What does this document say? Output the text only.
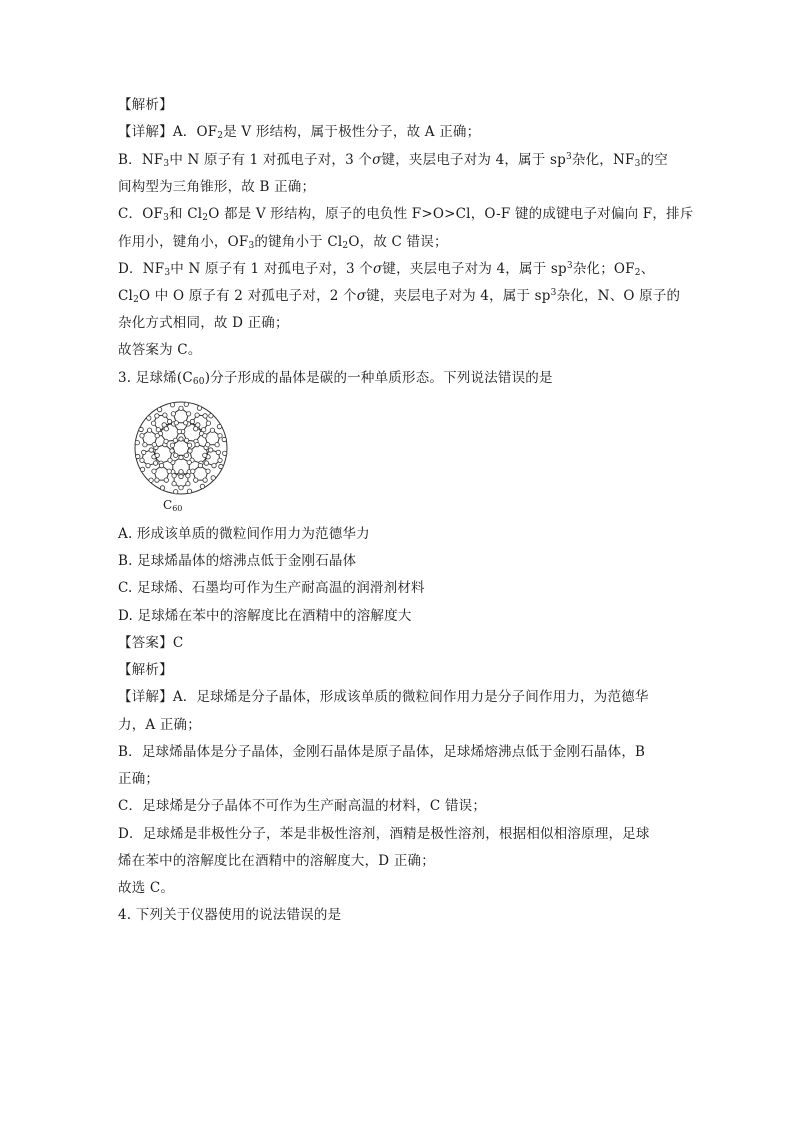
【解析】
【详解】A．$OF_2$是 V 形结构，属于极性分子，故 A 正确；
B．$NF_3$中 N 原子有 1 对孤电子对，3 个σ键，夹层电子对为 4，属于 $sp^3$杂化，$NF_3$的空
间构型为三角锥形，故 B 正确；
C．$OF_3$和 $Cl_2O$ 都是 V 形结构，原子的电负性 F>O>Cl，O-F 键的成键电子对偏向 F，排斥
作用小，键角小，$OF_3$的键角小于 $Cl_2O$，故 C 错误；
D．$NF_3$中 N 原子有 1 对孤电子对，3 个σ键，夹层电子对为 4，属于 $sp^3$杂化；$OF_2$、
$Cl_2O$ 中 O 原子有 2 对孤电子对，2 个σ键，夹层电子对为 4，属于 $sp^3$杂化，N、O 原子的
杂化方式相同，故 D 正确；
故答案为 C。
3. 足球烯$(C_{60})$分子形成的晶体是碳的一种单质形态。下列说法错误的是
$C_{60}$
A. 形成该单质的微粒间作用力为范德华力
B. 足球烯晶体的熔沸点低于金刚石晶体
C. 足球烯、石墨均可作为生产耐高温的润滑剂材料
D. 足球烯在苯中的溶解度比在酒精中的溶解度大
【答案】C
【解析】
【详解】A．足球烯是分子晶体，形成该单质的微粒间作用力是分子间作用力，为范德华
力，A 正确；
B．足球烯晶体是分子晶体，金刚石晶体是原子晶体，足球烯熔沸点低于金刚石晶体，B
正确；
C．足球烯是分子晶体不可作为生产耐高温的材料，C 错误；
D．足球烯是非极性分子，苯是非极性溶剂，酒精是极性溶剂，根据相似相溶原理，足球
烯在苯中的溶解度比在酒精中的溶解度大，D 正确；
故选 C。
4. 下列关于仪器使用的说法错误的是
